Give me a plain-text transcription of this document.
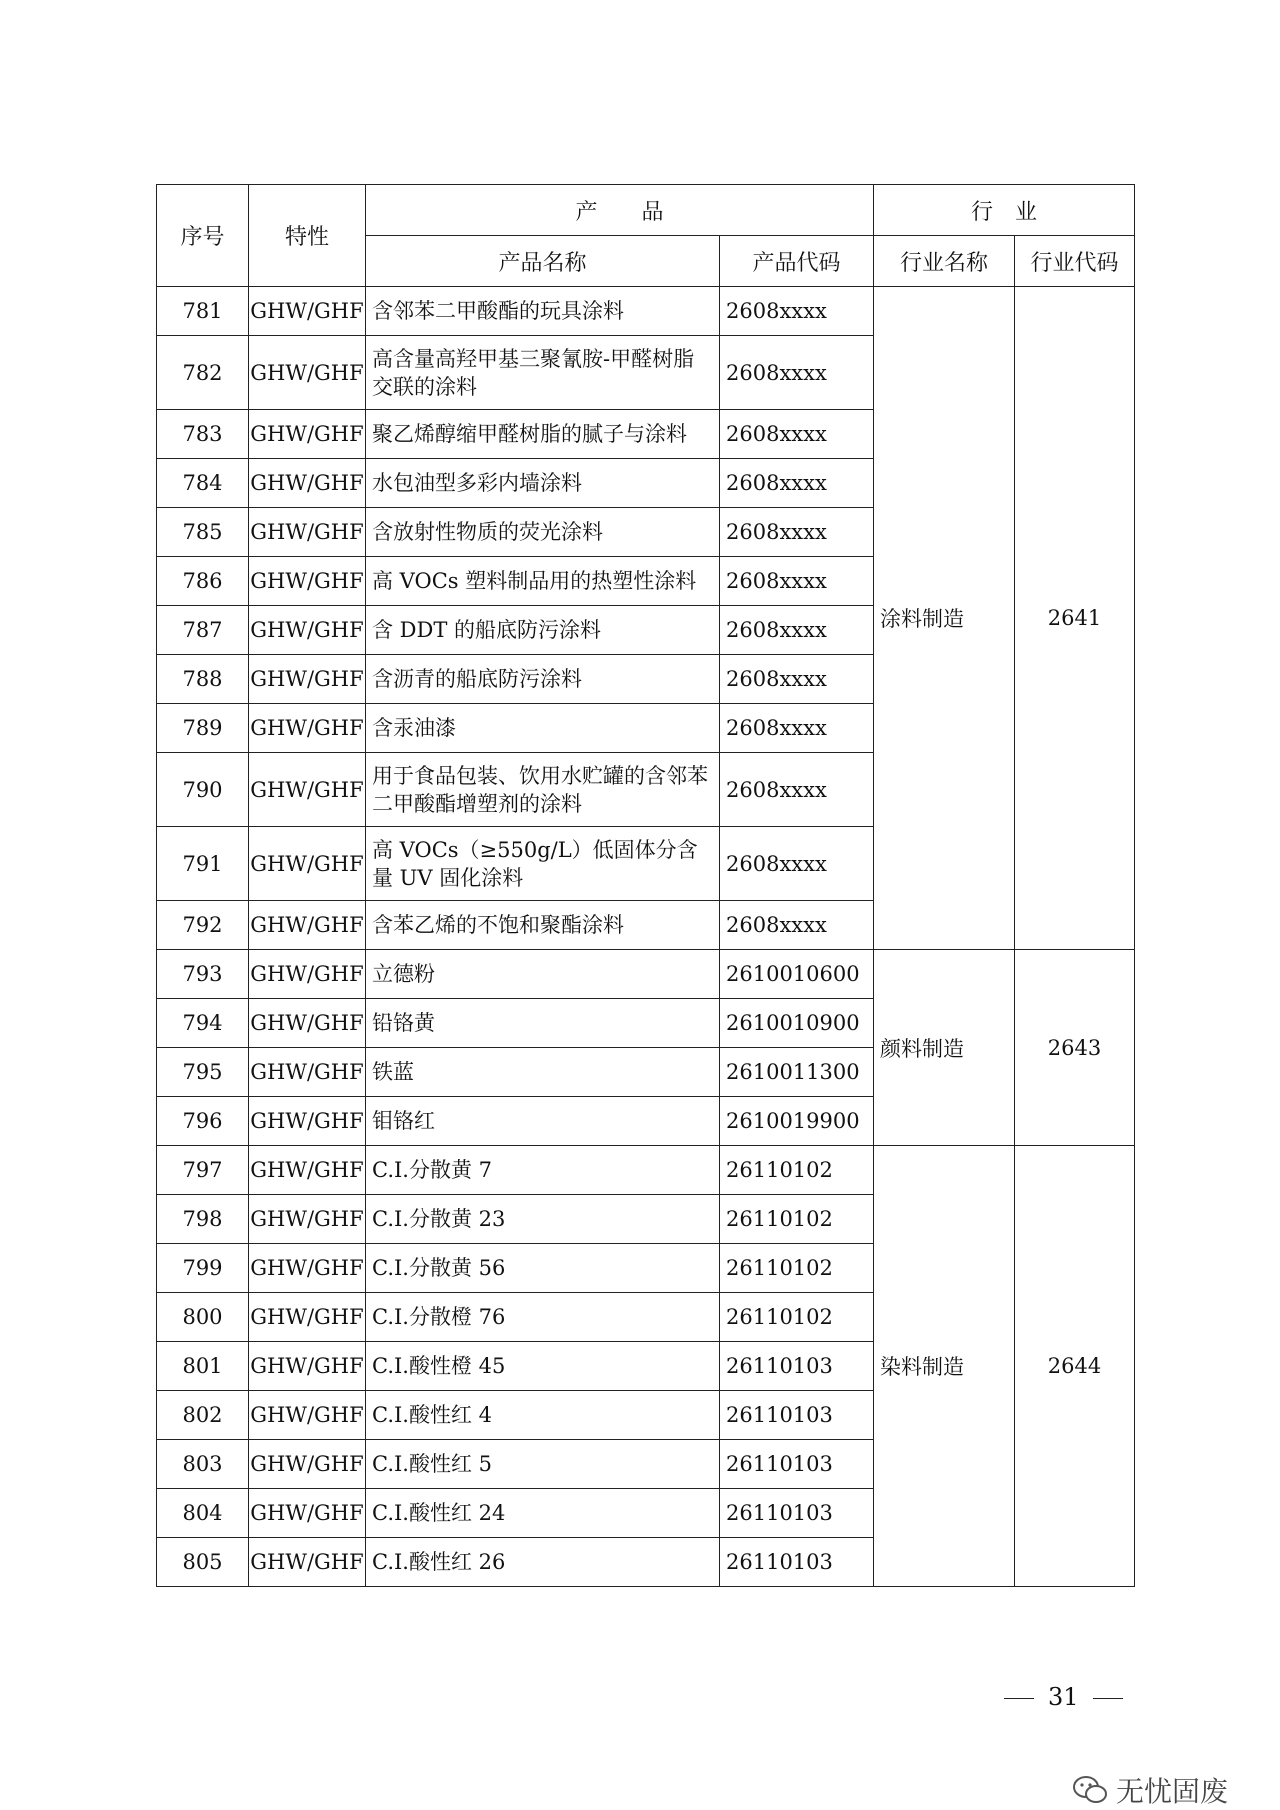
序号	特性	产　　品		行　业	
		产品名称	产品代码	行业名称	行业代码
781	GHW/GHF	含邻苯二甲酸酯的玩具涂料	2608xxxx	涂料制造	2641
782	GHW/GHF	高含量高羟甲基三聚氰胺-甲醛树脂交联的涂料	2608xxxx		
783	GHW/GHF	聚乙烯醇缩甲醛树脂的腻子与涂料	2608xxxx		
784	GHW/GHF	水包油型多彩内墙涂料	2608xxxx		
785	GHW/GHF	含放射性物质的荧光涂料	2608xxxx		
786	GHW/GHF	高 VOCs 塑料制品用的热塑性涂料	2608xxxx		
787	GHW/GHF	含 DDT 的船底防污涂料	2608xxxx		
788	GHW/GHF	含沥青的船底防污涂料	2608xxxx		
789	GHW/GHF	含汞油漆	2608xxxx		
790	GHW/GHF	用于食品包装、饮用水贮罐的含邻苯二甲酸酯增塑剂的涂料	2608xxxx		
791	GHW/GHF	高 VOCs（≥550g/L）低固体分含量 UV 固化涂料	2608xxxx		
792	GHW/GHF	含苯乙烯的不饱和聚酯涂料	2608xxxx		
793	GHW/GHF	立德粉	2610010600	颜料制造	2643
794	GHW/GHF	铅铬黄	2610010900		
795	GHW/GHF	铁蓝	2610011300		
796	GHW/GHF	钼铬红	2610019900		
797	GHW/GHF	C.I.分散黄 7	26110102	染料制造	2644
798	GHW/GHF	C.I.分散黄 23	26110102		
799	GHW/GHF	C.I.分散黄 56	26110102		
800	GHW/GHF	C.I.分散橙 76	26110102		
801	GHW/GHF	C.I.酸性橙 45	26110103		
802	GHW/GHF	C.I.酸性红 4	26110103		
803	GHW/GHF	C.I.酸性红 5	26110103		
804	GHW/GHF	C.I.酸性红 24	26110103		
805	GHW/GHF	C.I.酸性红 26	26110103		
31
无忧固废
